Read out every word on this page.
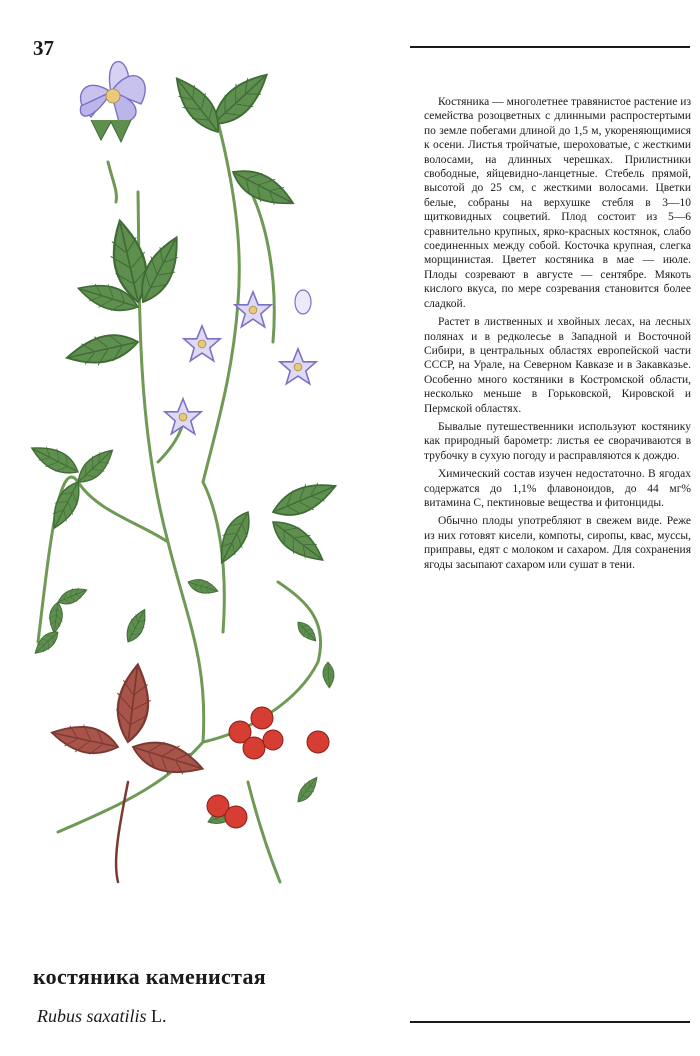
37

Костяника — многолетнее травянистое растение из семейства розоцветных с длинными распростертыми по земле побегами длиной до 1,5 м, укореняющимися к осени. Листья тройчатые, шероховатые, с жесткими волосами, на длинных черешках. Прилистники свободные, яйцевидно-ланцетные. Стебель прямой, высотой до 25 см, с жесткими волосами. Цветки белые, собраны на верхушке стебля в 3—10 щитковидных соцветий. Плод состоит из 5—6 сравнительно крупных, ярко-красных костянок, слабо соединенных между собой. Косточка крупная, слегка морщинистая. Цветет костяника в мае — июле. Плоды созревают в августе — сентябре. Мякоть кислого вкуса, по мере созревания становится более сладкой.

Растет в лиственных и хвойных лесах, на лесных полянах и в редколесье в Западной и Восточной Сибири, в центральных областях европейской части СССР, на Урале, на Северном Кавказе и в Закавказье. Особенно много костяники в Костромской области, несколько меньше в Горьковской, Кировской и Пермской областях.

Бывалые путешественники используют костянику как природный барометр: листья ее сворачиваются в трубочку в сухую погоду и расправляются к дождю.

Химический состав изучен недостаточно. В ягодах содержатся до 1,1% флавоноидов, до 44 мг% витамина С, пектиновые вещества и фитонциды.

Обычно плоды употребляют в свежем виде. Реже из них готовят кисели, компоты, сиропы, квас, муссы, приправы, едят с молоком и сахаром. Для сохранения ягоды засыпают сахаром или сушат в тени.

костяника каменистая
Rubus saxatilis L.
